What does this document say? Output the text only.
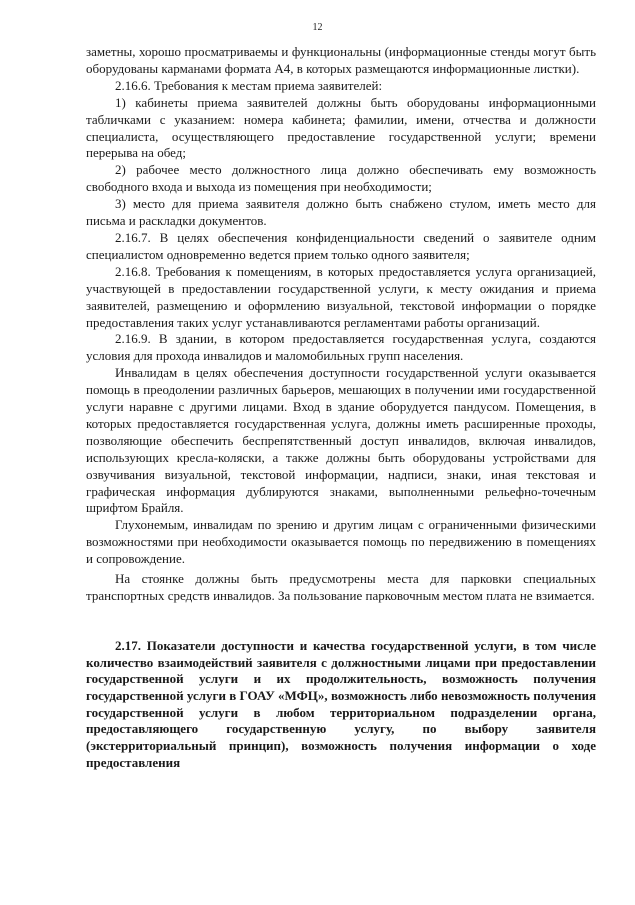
12

заметны, хорошо просматриваемы и функциональны (информационные стенды могут быть оборудованы карманами формата А4, в которых размещаются информационные листки).

2.16.6. Требования к местам приема заявителей:

1) кабинеты приема заявителей должны быть оборудованы информационными табличками с указанием: номера кабинета; фамилии, имени, отчества и должности специалиста, осуществляющего предоставление государственной услуги; времени перерыва на обед;

2) рабочее место должностного лица должно обеспечивать ему возможность свободного входа и выхода из помещения при необходимости;

3) место для приема заявителя должно быть снабжено стулом, иметь место для письма и раскладки документов.

2.16.7. В целях обеспечения конфиденциальности сведений о заявителе одним специалистом одновременно ведется прием только одного заявителя;

2.16.8. Требования к помещениям, в которых предоставляется услуга организацией, участвующей в предоставлении государственной услуги, к месту ожидания и приема заявителей, размещению и оформлению визуальной, текстовой информации о порядке предоставления таких услуг устанавливаются регламентами работы организаций.

2.16.9. В здании, в котором предоставляется государственная услуга, создаются условия для прохода инвалидов и маломобильных групп населения.

Инвалидам в целях обеспечения доступности государственной услуги оказывается помощь в преодолении различных барьеров, мешающих в получении ими государственной услуги наравне с другими лицами. Вход в здание оборудуется пандусом. Помещения, в которых предоставляется государственная услуга, должны иметь расширенные проходы, позволяющие обеспечить беспрепятственный доступ инвалидов, включая инвалидов, использующих кресла-коляски, а также должны быть оборудованы устройствами для озвучивания визуальной, текстовой информации, надписи, знаки, иная текстовая и графическая информация дублируются знаками, выполненными рельефно-точечным шрифтом Брайля.

Глухонемым, инвалидам по зрению и другим лицам с ограниченными физическими возможностями при необходимости оказывается помощь по передвижению в помещениях и сопровождение.

На стоянке должны быть предусмотрены места для парковки специальных транспортных средств инвалидов. За пользование парковочным местом плата не взимается.

2.17. Показатели доступности и качества государственной услуги, в том числе количество взаимодействий заявителя с должностными лицами при предоставлении государственной услуги и их продолжительность, возможность получения государственной услуги в ГОАУ «МФЦ», возможность либо невозможность получения государственной услуги в любом территориальном подразделении органа, предоставляющего государственную услугу, по выбору заявителя (экстерриториальный принцип), возможность получения информации о ходе предоставления
